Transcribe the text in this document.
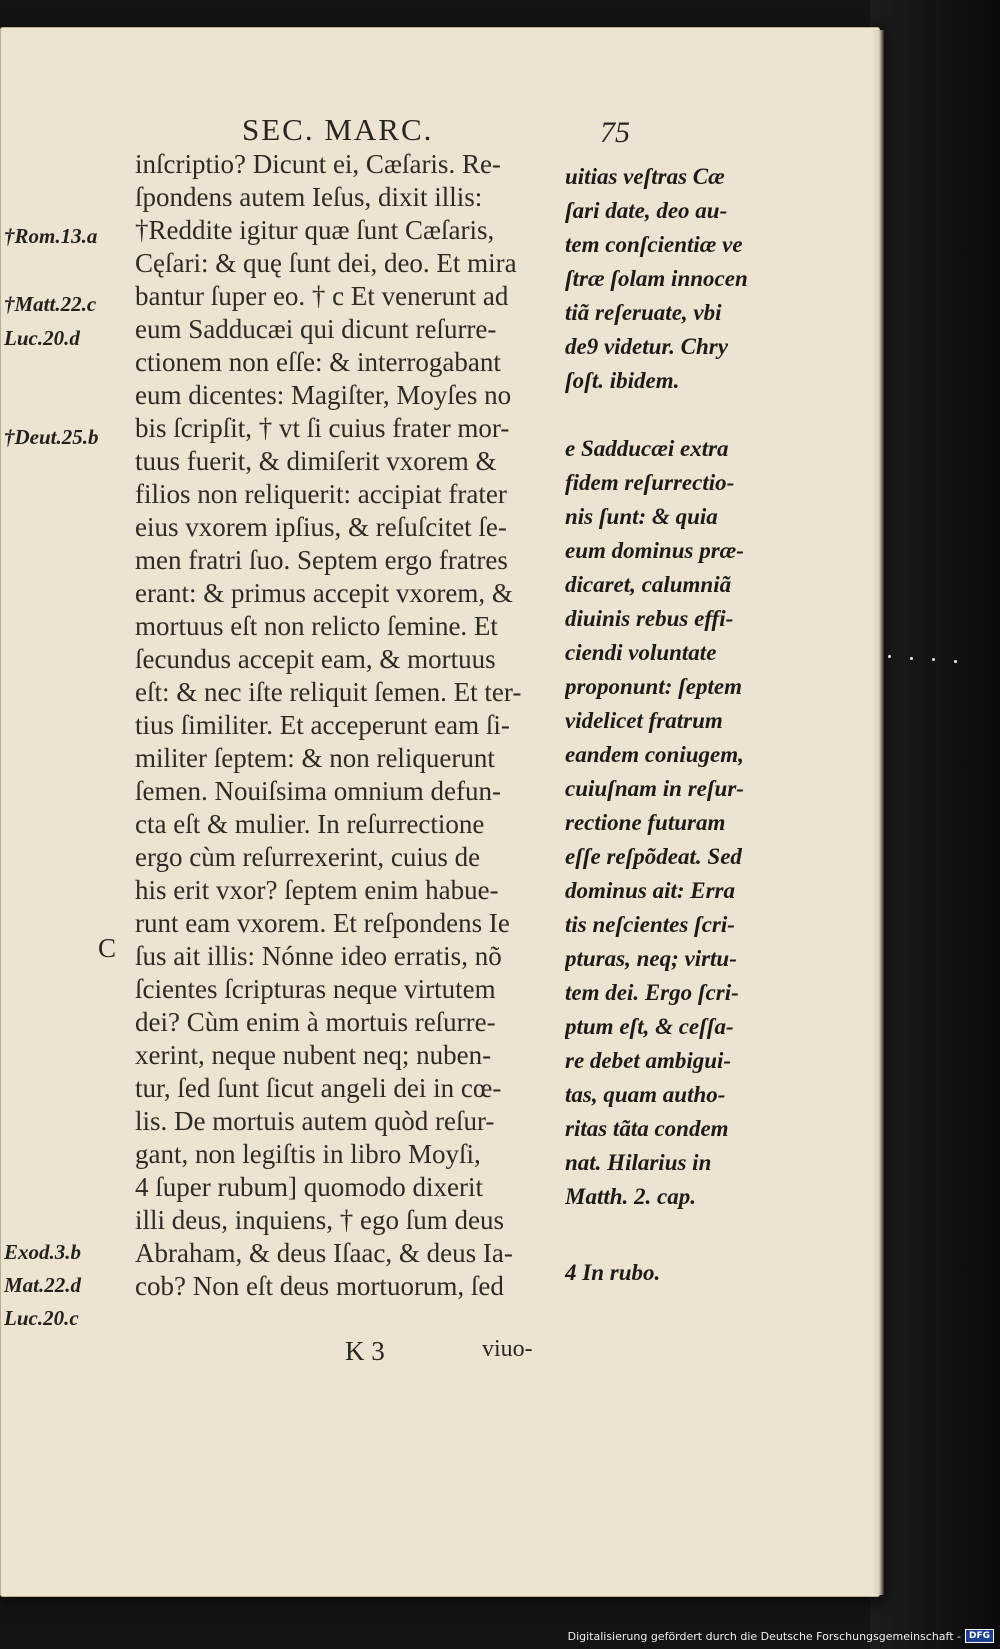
SEC. MARC.	75
†Rom.13.a
†Matt.22.c
Luc.20.d
†Deut.25.b
Exod.3.b
Mat.22.d
Luc.20.c
C
inſcriptio? Dicunt ei, Cæſaris. Re-
ſpondens autem Ieſus, dixit illis:
†Reddite igitur quæ ſunt Cæſaris,
Cęſari: & quę ſunt dei, deo. Et mira
bantur ſuper eo. † c Et venerunt ad
eum Sadducæi qui dicunt reſurre-
ctionem non eſſe: & interrogabant
eum dicentes: Magiſter, Moyſes no
bis ſcripſit, † vt ſi cuius frater mor-
tuus fuerit, & dimiſerit vxorem &
filios non reliquerit: accipiat frater
eius vxorem ipſius, & reſuſcitet ſe-
men fratri ſuo. Septem ergo fratres
erant: & primus accepit vxorem, &
mortuus eſt non relicto ſemine. Et
ſecundus accepit eam, & mortuus
eſt: & nec iſte reliquit ſemen. Et ter-
tius ſimiliter. Et acceperunt eam ſi-
militer ſeptem: & non reliquerunt
ſemen. Nouiſsima omnium defun-
cta eſt & mulier. In reſurrectione
ergo cùm reſurrexerint, cuius de
his erit vxor? ſeptem enim habue-
runt eam vxorem. Et reſpondens Ie
ſus ait illis: Nónne ideo erratis, nõ
ſcientes ſcripturas neque virtutem
dei? Cùm enim à mortuis reſurre-
xerint, neque nubent neq; nuben-
tur, ſed ſunt ſicut angeli dei in cœ-
lis. De mortuis autem quòd reſur-
gant, non legiſtis in libro Moyſi,
4 ſuper rubum] quomodo dixerit
illi deus, inquiens, † ego ſum deus
Abraham, & deus Iſaac, & deus Ia-
cob? Non eſt deus mortuorum, ſed
uitias veſtras Cæ
ſari date, deo au-
tem conſcientiæ ve
ſtræ ſolam innocen
tiã reſeruate, vbi
de9 videtur. Chry
ſoſt. ibidem.
e Sadducæi extra
fidem reſurrectio-
nis ſunt: & quia
eum dominus præ-
dicaret, calumniã
diuinis rebus effi-
ciendi voluntate
proponunt: ſeptem
videlicet fratrum
eandem coniugem,
cuiuſnam in reſur-
rectione futuram
eſſe reſpõdeat. Sed
dominus ait: Erra
tis neſcientes ſcri-
pturas, neq; virtu-
tem dei. Ergo ſcri-
ptum eſt, & ceſſa-
re debet ambigui-
tas, quam autho-
ritas tãta condem
nat. Hilarius in
Matth. 2. cap.
4 In rubo.
K 3	viuo-
Digitalisierung gefördert durch die Deutsche Forschungsgemeinschaft - DFG
